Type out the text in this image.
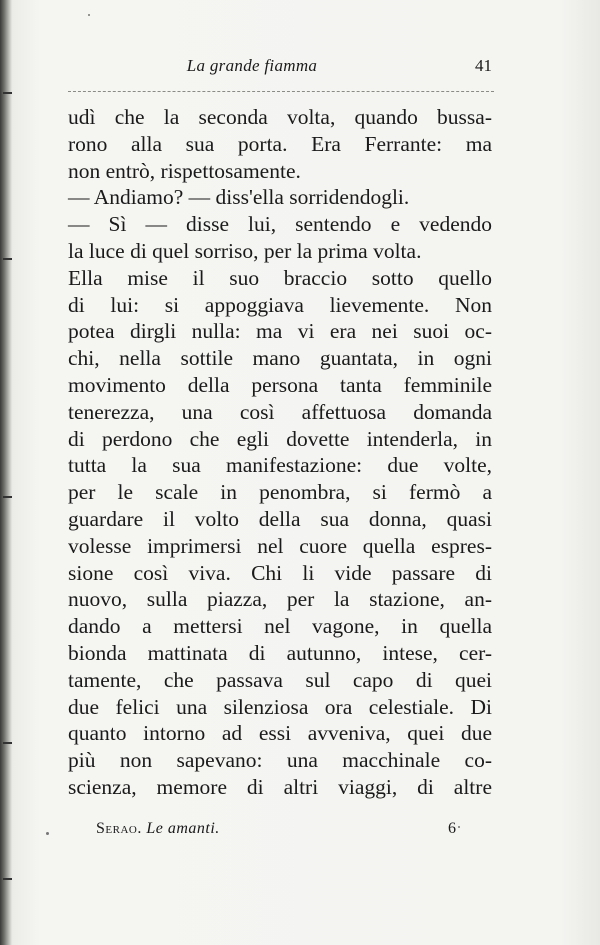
La grande fiamma	41
udì che la seconda volta, quando bussa-
rono alla sua porta. Era Ferrante: ma
non entrò, rispettosamente.
— Andiamo? — diss'ella sorridendogli.
— Sì — disse lui, sentendo e vedendo
la luce di quel sorriso, per la prima volta.
Ella mise il suo braccio sotto quello
di lui: si appoggiava lievemente. Non
potea dirgli nulla: ma vi era nei suoi oc-
chi, nella sottile mano guantata, in ogni
movimento della persona tanta femminile
tenerezza, una così affettuosa domanda
di perdono che egli dovette intenderla, in
tutta la sua manifestazione: due volte,
per le scale in penombra, si fermò a
guardare il volto della sua donna, quasi
volesse imprimersi nel cuore quella espres-
sione così viva. Chi li vide passare di
nuovo, sulla piazza, per la stazione, an-
dando a mettersi nel vagone, in quella
bionda mattinata di autunno, intese, cer-
tamente, che passava sul capo di quei
due felici una silenziosa ora celestiale. Di
quanto intorno ad essi avveniva, quei due
più non sapevano: una macchinale co-
scienza, memore di altri viaggi, di altre
Serao. Le amanti.	6
